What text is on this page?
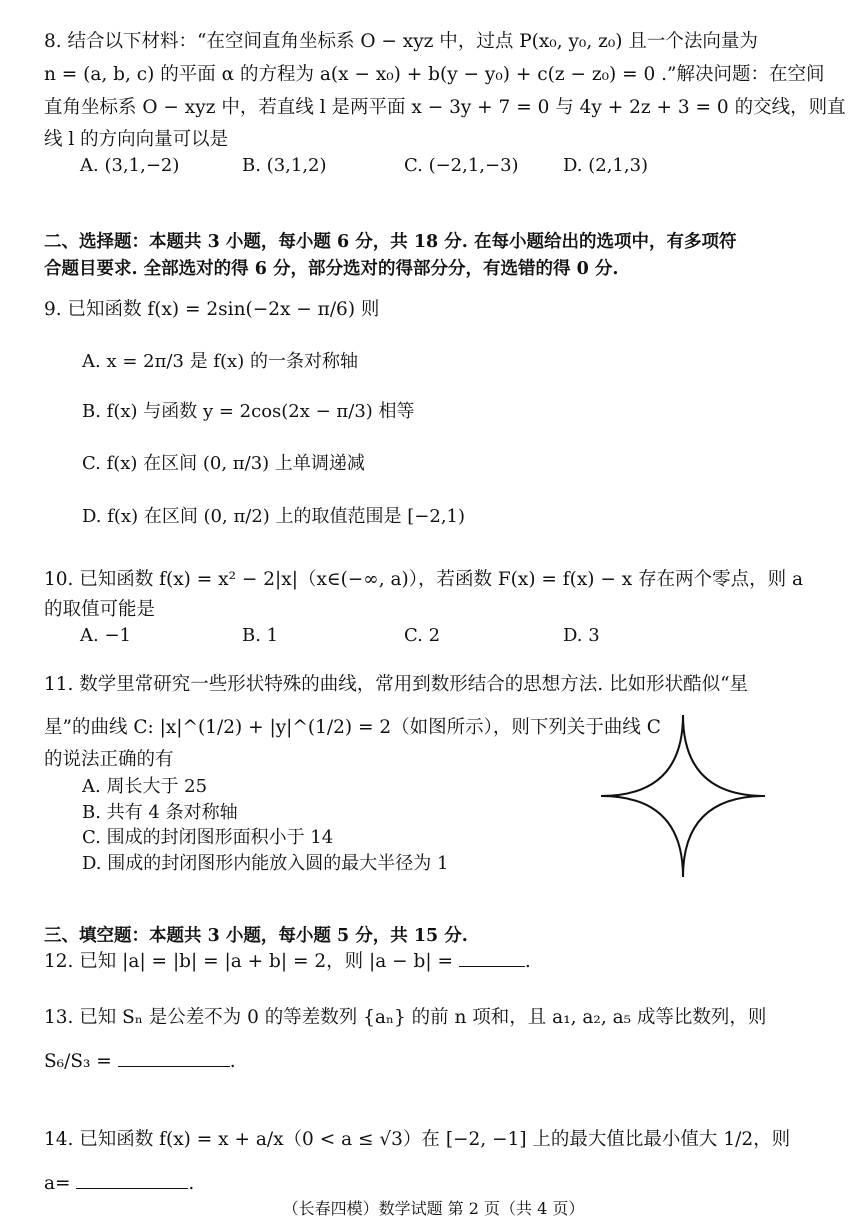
8. 结合以下材料：“在空间直角坐标系 O − xyz 中，过点 P(x₀, y₀, z₀) 且一个法向量为
n = (a, b, c) 的平面 α 的方程为 a(x − x₀) + b(y − y₀) + c(z − z₀) = 0 .”解决问题：在空间
直角坐标系 O − xyz 中，若直线 l 是两平面 x − 3y + 7 = 0 与 4y + 2z + 3 = 0 的交线，则直
线 l 的方向向量可以是
A. (3,1,−2)	B. (3,1,2)	C. (−2,1,−3) D. (2,1,3)
二、选择题：本题共 3 小题，每小题 6 分，共 18 分. 在每小题给出的选项中，有多项符
合题目要求. 全部选对的得 6 分，部分选对的得部分分，有选错的得 0 分.
9. 已知函数 f(x) = 2sin(−2x − π/6) 则
A. x = 2π/3 是 f(x) 的一条对称轴
B. f(x) 与函数 y = 2cos(2x − π/3) 相等
C. f(x) 在区间 (0, π/3) 上单调递减
D. f(x) 在区间 (0, π/2) 上的取值范围是 [−2,1)
10. 已知函数 f(x) = x² − 2|x|（x∈(−∞, a)），若函数 F(x) = f(x) − x 存在两个零点，则 a
的取值可能是
A. −1	B. 1	C. 2	D. 3
11. 数学里常研究一些形状特殊的曲线，常用到数形结合的思想方法. 比如形状酷似“星
星”的曲线 C: |x|^(1/2) + |y|^(1/2) = 2（如图所示），则下列关于曲线 C
的说法正确的有
A. 周长大于 25
B. 共有 4 条对称轴
C. 围成的封闭图形面积小于 14
D. 围成的封闭图形内能放入圆的最大半径为 1
三、填空题：本题共 3 小题，每小题 5 分，共 15 分.
12. 已知 |a| = |b| = |a + b| = 2，则 |a − b| =	.
13. 已知 Sₙ 是公差不为 0 的等差数列 {aₙ} 的前 n 项和，且 a₁, a₂, a₅ 成等比数列，则
S₆/S₃ =	.
14. 已知函数 f(x) = x + a/x（0 < a ≤ √3）在 [−2, −1] 上的最大值比最小值大 1/2，则
a=	.
（长春四模）数学试题 第 2 页（共 4 页）
